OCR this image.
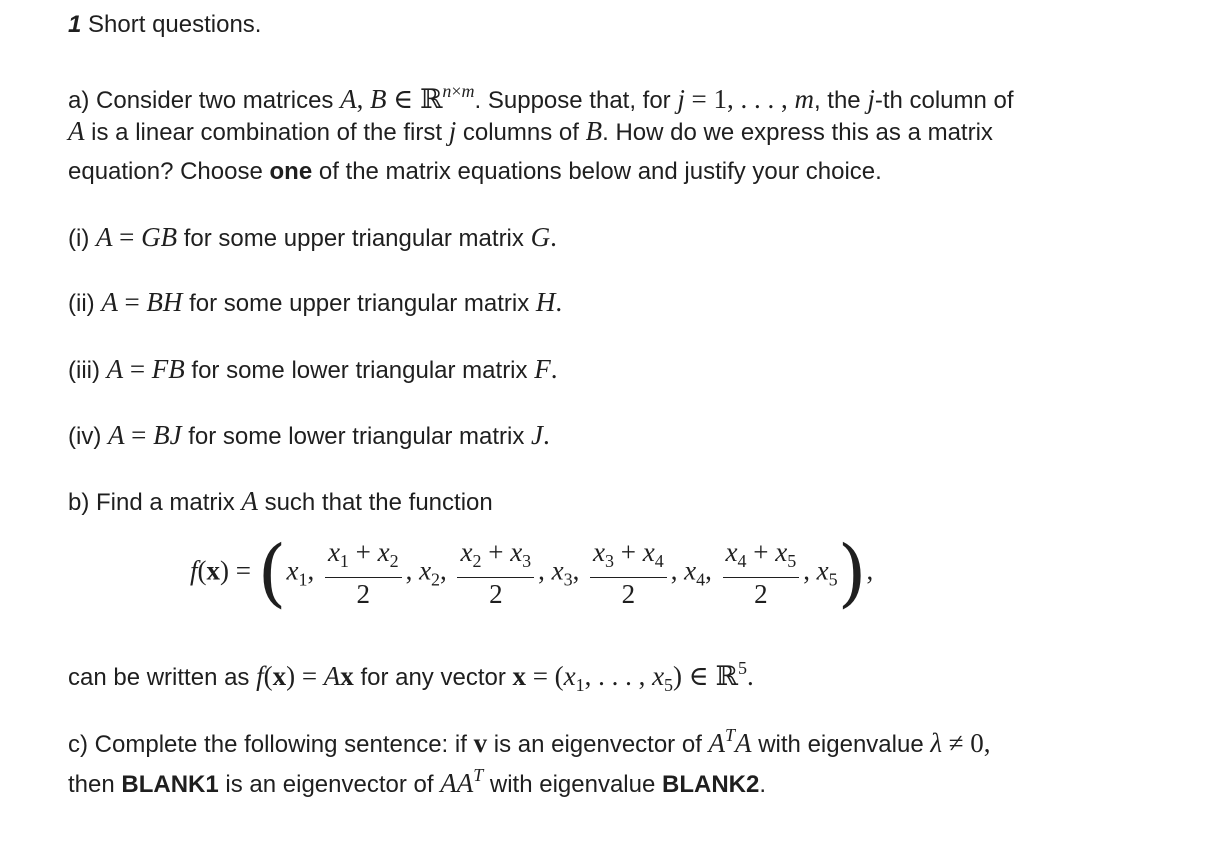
1 Short questions.
a) Consider two matrices A, B ∈ ℝ$^{n\times m}$. Suppose that, for j = 1, . . . , m, the j-th column of
A is a linear combination of the first j columns of B. How do we express this as a matrix
equation? Choose one of the matrix equations below and justify your choice.
(i) A = GB for some upper triangular matrix G.
(ii) A = BH for some upper triangular matrix H.
(iii) A = FB for some lower triangular matrix F.
(iv) A = BJ for some lower triangular matrix J.
b) Find a matrix A such that the function
$f(x) = (x_1$, $\frac{x_1 + x_2}{2}$ , $x_2$, $\frac{x_2 + x_3}{2}$ , $x_3$, $\frac{x_3 + x_4}{2}$ , $x_4$, $\frac{x_4 + x_5}{2}$ , $x_5$),
can be written as f(x) = Ax for any vector $x = (x_1$, . . . , $x_5$) ∈ ℝ$^5$.
c) Complete the following sentence: if v is an eigenvector of $A^TA$ with eigenvalue λ ≠ 0,
then BLANK1 is an eigenvector of $AA^T$ with eigenvalue BLANK2.
